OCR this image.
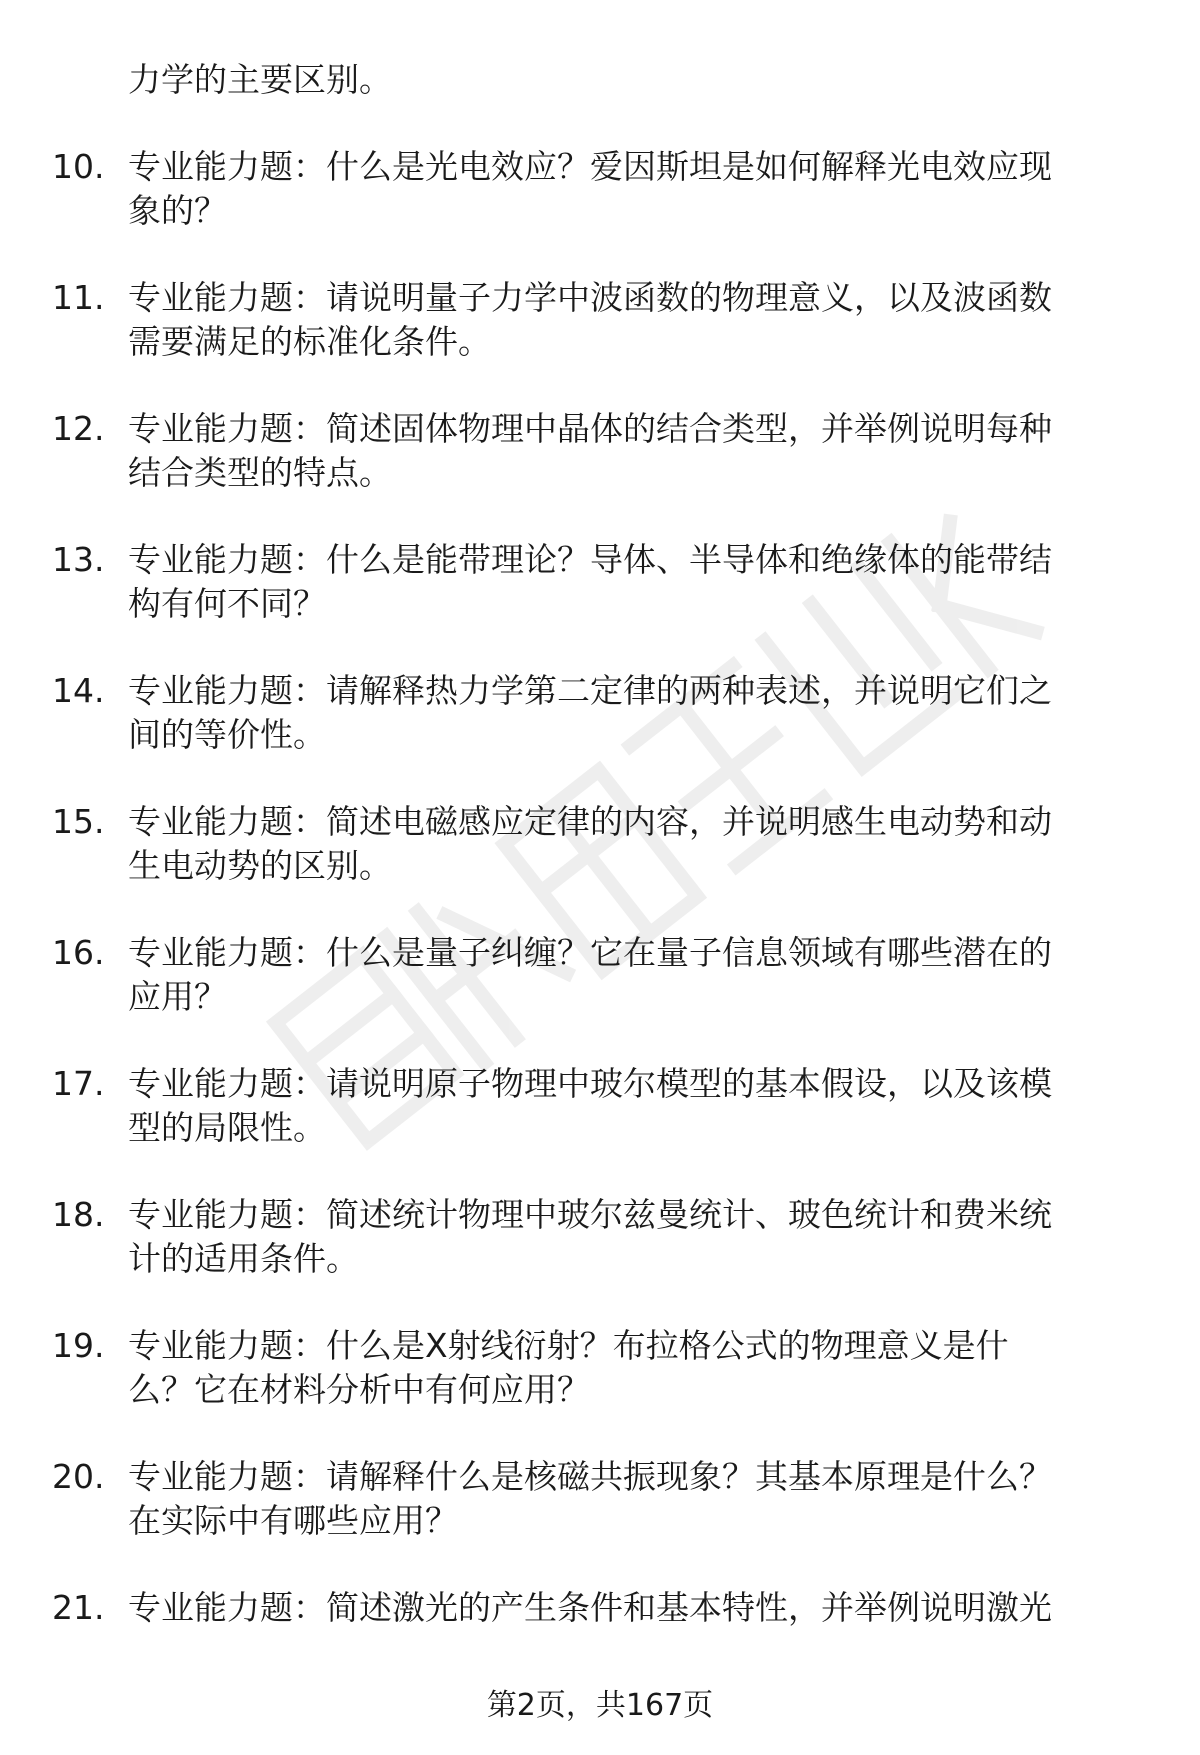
力学的主要区别。
10. 专业能力题：什么是光电效应？爱因斯坦是如何解释光电效应现
象的？
11. 专业能力题：请说明量子力学中波函数的物理意义，以及波函数
需要满足的标准化条件。
12. 专业能力题：简述固体物理中晶体的结合类型，并举例说明每种
结合类型的特点。
13. 专业能力题：什么是能带理论？导体、半导体和绝缘体的能带结
构有何不同？
14. 专业能力题：请解释热力学第二定律的两种表述，并说明它们之
间的等价性。
15. 专业能力题：简述电磁感应定律的内容，并说明感生电动势和动
生电动势的区别。
16. 专业能力题：什么是量子纠缠？它在量子信息领域有哪些潜在的
应用？
17. 专业能力题：请说明原子物理中玻尔模型的基本假设，以及该模
型的局限性。
18. 专业能力题：简述统计物理中玻尔兹曼统计、玻色统计和费米统
计的适用条件。
19. 专业能力题：什么是X射线衍射？布拉格公式的物理意义是什
么？它在材料分析中有何应用？
20. 专业能力题：请解释什么是核磁共振现象？其基本原理是什么？
在实际中有哪些应用？
21. 专业能力题：简述激光的产生条件和基本特性，并举例说明激光
第2页，共167页
